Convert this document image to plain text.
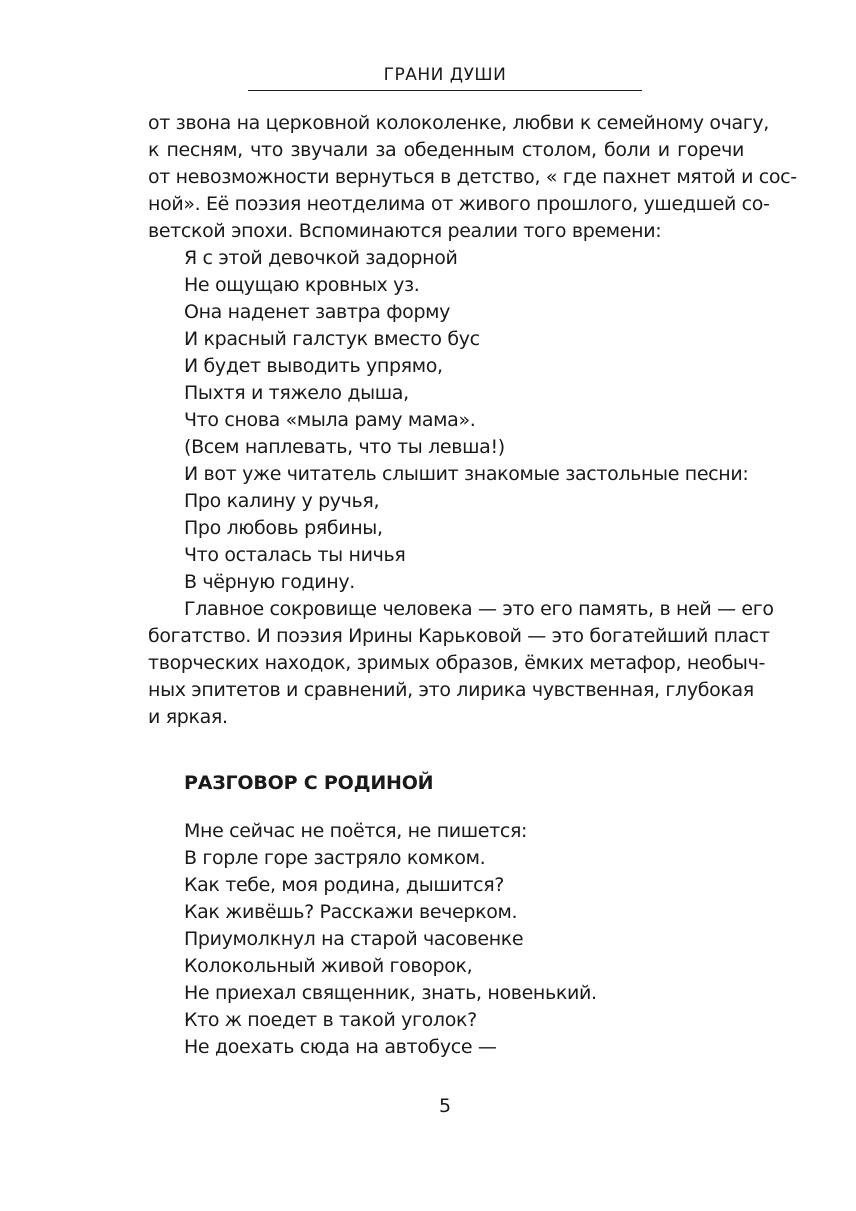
ГРАНИ ДУШИ
от звона на церковной колоколенке, любви к семейному очагу,
к песням, что звучали за обеденным столом, боли и горечи
от невозможности вернуться в детство, « где пахнет мятой и сос-
ной». Её поэзия неотделима от живого прошлого, ушедшей со-
ветской эпохи. Вспоминаются реалии того времени:
Я с этой девочкой задорной
Не ощущаю кровных уз.
Она наденет завтра форму
И красный галстук вместо бус
И будет выводить упрямо,
Пыхтя и тяжело дыша,
Что снова «мыла раму мама».
(Всем наплевать, что ты левша!)
И вот уже читатель слышит знакомые застольные песни:
Про калину у ручья,
Про любовь рябины,
Что осталась ты ничья
В чёрную годину.
Главное сокровище человека — это его память, в ней — его
богатство. И поэзия Ирины Карьковой — это богатейший пласт
творческих находок, зримых образов, ёмких метафор, необыч-
ных эпитетов и сравнений, это лирика чувственная, глубокая
и яркая.
РАЗГОВОР С РОДИНОЙ
Мне сейчас не поётся, не пишется:
В горле горе застряло комком.
Как тебе, моя родина, дышится?
Как живёшь? Расскажи вечерком.
Приумолкнул на старой часовенке
Колокольный живой говорок,
Не приехал священник, знать, новенький.
Кто ж поедет в такой уголок?
Не доехать сюда на автобусе —
5
